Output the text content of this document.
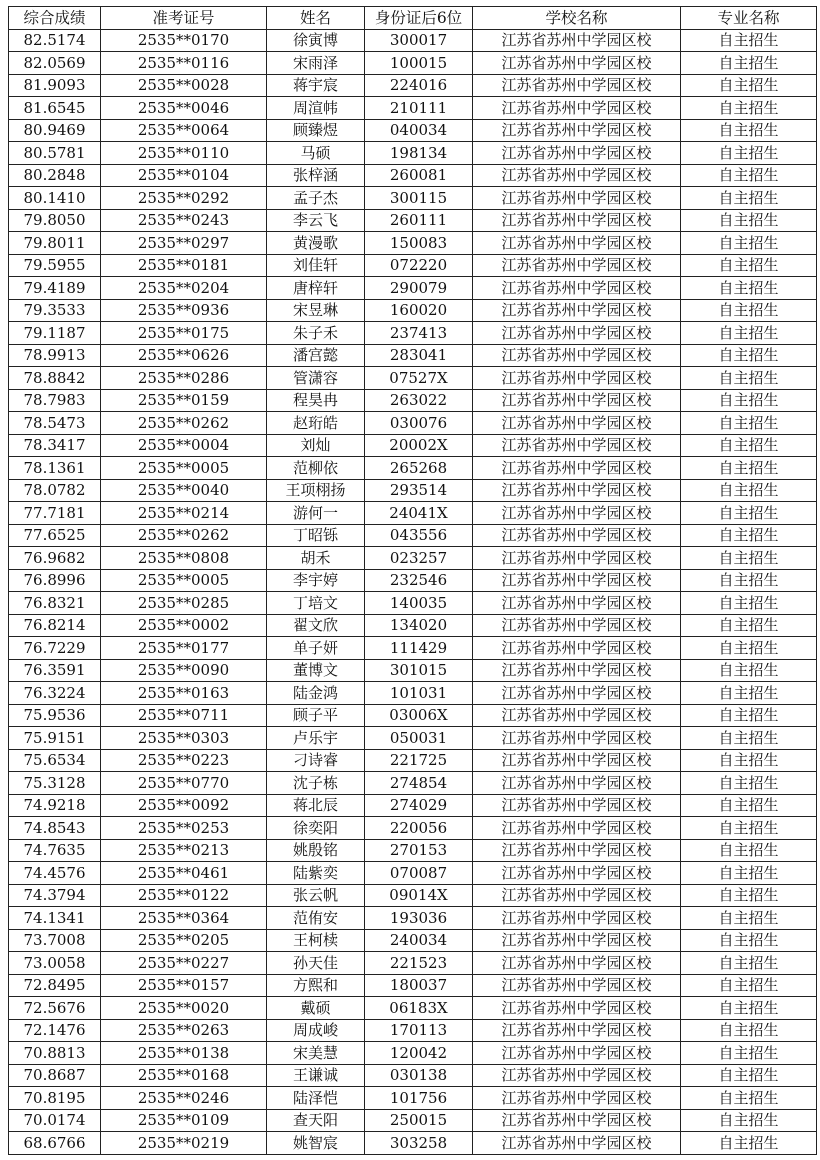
综合成绩	准考证号	姓名	身份证后6位	学校名称	专业名称
82.5174	2535**0170	徐寅博	300017	江苏省苏州中学园区校	自主招生
82.0569	2535**0116	宋雨泽	100015	江苏省苏州中学园区校	自主招生
81.9093	2535**0028	蒋宇宸	224016	江苏省苏州中学园区校	自主招生
81.6545	2535**0046	周渲帏	210111	江苏省苏州中学园区校	自主招生
80.9469	2535**0064	顾臻煜	040034	江苏省苏州中学园区校	自主招生
80.5781	2535**0110	马硕	198134	江苏省苏州中学园区校	自主招生
80.2848	2535**0104	张梓涵	260081	江苏省苏州中学园区校	自主招生
80.1410	2535**0292	孟子杰	300115	江苏省苏州中学园区校	自主招生
79.8050	2535**0243	李云飞	260111	江苏省苏州中学园区校	自主招生
79.8011	2535**0297	黄漫歌	150083	江苏省苏州中学园区校	自主招生
79.5955	2535**0181	刘佳轩	072220	江苏省苏州中学园区校	自主招生
79.4189	2535**0204	唐梓轩	290079	江苏省苏州中学园区校	自主招生
79.3533	2535**0936	宋昱琳	160020	江苏省苏州中学园区校	自主招生
79.1187	2535**0175	朱子禾	237413	江苏省苏州中学园区校	自主招生
78.9913	2535**0626	潘宫懿	283041	江苏省苏州中学园区校	自主招生
78.8842	2535**0286	管潇容	07527X	江苏省苏州中学园区校	自主招生
78.7983	2535**0159	程昊冉	263022	江苏省苏州中学园区校	自主招生
78.5473	2535**0262	赵珩皓	030076	江苏省苏州中学园区校	自主招生
78.3417	2535**0004	刘灿	20002X	江苏省苏州中学园区校	自主招生
78.1361	2535**0005	范柳依	265268	江苏省苏州中学园区校	自主招生
78.0782	2535**0040	王项栩扬	293514	江苏省苏州中学园区校	自主招生
77.7181	2535**0214	游何一	24041X	江苏省苏州中学园区校	自主招生
77.6525	2535**0262	丁昭铄	043556	江苏省苏州中学园区校	自主招生
76.9682	2535**0808	胡禾	023257	江苏省苏州中学园区校	自主招生
76.8996	2535**0005	李宇婷	232546	江苏省苏州中学园区校	自主招生
76.8321	2535**0285	丁培文	140035	江苏省苏州中学园区校	自主招生
76.8214	2535**0002	翟文欣	134020	江苏省苏州中学园区校	自主招生
76.7229	2535**0177	单子妍	111429	江苏省苏州中学园区校	自主招生
76.3591	2535**0090	董博文	301015	江苏省苏州中学园区校	自主招生
76.3224	2535**0163	陆金鸿	101031	江苏省苏州中学园区校	自主招生
75.9536	2535**0711	顾子平	03006X	江苏省苏州中学园区校	自主招生
75.9151	2535**0303	卢乐宇	050031	江苏省苏州中学园区校	自主招生
75.6534	2535**0223	刁诗睿	221725	江苏省苏州中学园区校	自主招生
75.3128	2535**0770	沈子栋	274854	江苏省苏州中学园区校	自主招生
74.9218	2535**0092	蒋北辰	274029	江苏省苏州中学园区校	自主招生
74.8543	2535**0253	徐奕阳	220056	江苏省苏州中学园区校	自主招生
74.7635	2535**0213	姚殷铭	270153	江苏省苏州中学园区校	自主招生
74.4576	2535**0461	陆紫奕	070087	江苏省苏州中学园区校	自主招生
74.3794	2535**0122	张云帆	09014X	江苏省苏州中学园区校	自主招生
74.1341	2535**0364	范侑安	193036	江苏省苏州中学园区校	自主招生
73.7008	2535**0205	王柯椟	240034	江苏省苏州中学园区校	自主招生
73.0058	2535**0227	孙天佳	221523	江苏省苏州中学园区校	自主招生
72.8495	2535**0157	方熙和	180037	江苏省苏州中学园区校	自主招生
72.5676	2535**0020	戴硕	06183X	江苏省苏州中学园区校	自主招生
72.1476	2535**0263	周成峻	170113	江苏省苏州中学园区校	自主招生
70.8813	2535**0138	宋美慧	120042	江苏省苏州中学园区校	自主招生
70.8687	2535**0168	王谦诚	030138	江苏省苏州中学园区校	自主招生
70.8195	2535**0246	陆泽恺	101756	江苏省苏州中学园区校	自主招生
70.0174	2535**0109	查天阳	250015	江苏省苏州中学园区校	自主招生
68.6766	2535**0219	姚智宸	303258	江苏省苏州中学园区校	自主招生
